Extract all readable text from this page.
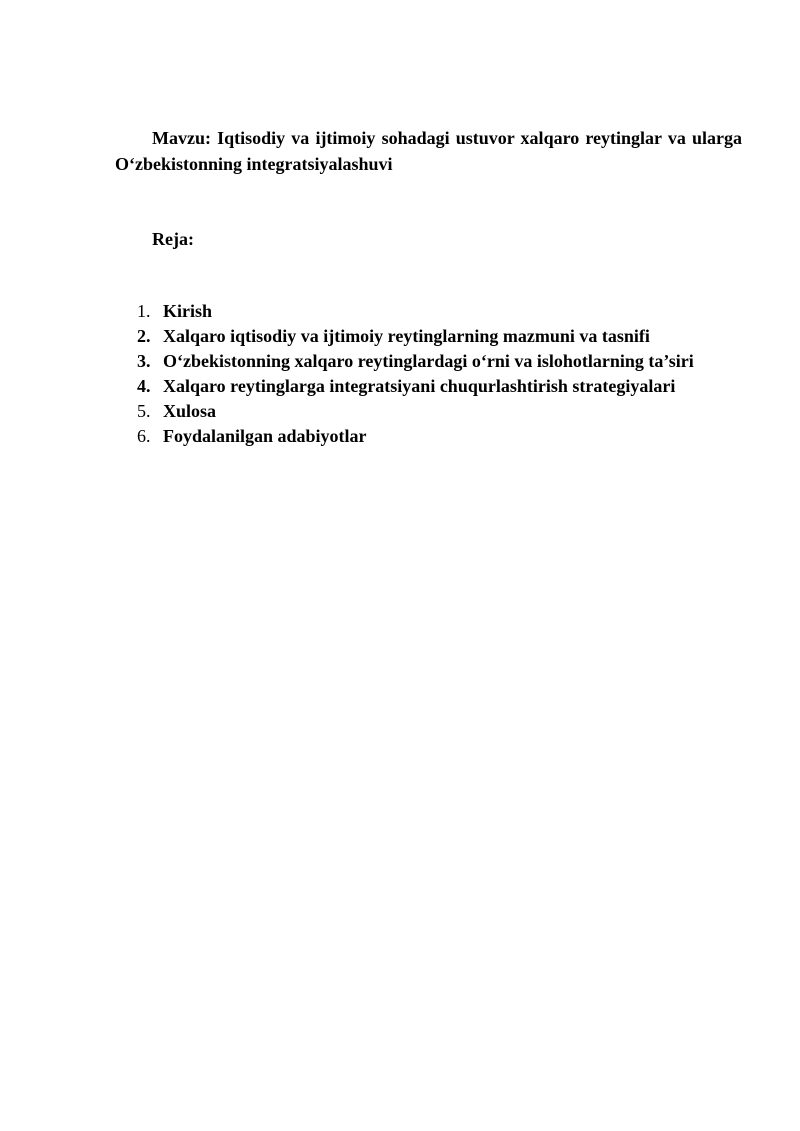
Mavzu: Iqtisodiy va ijtimoiy sohadagi ustuvor xalqaro reytinglar va ularga O‘zbekistonning integratsiyalashuvi

Reja:

1. Kirish
2. Xalqaro iqtisodiy va ijtimoiy reytinglarning mazmuni va tasnifi
3. O‘zbekistonning xalqaro reytinglardagi o‘rni va islohotlarning ta’siri
4. Xalqaro reytinglarga integratsiyani chuqurlashtirish strategiyalari
5. Xulosa
6. Foydalanilgan adabiyotlar
